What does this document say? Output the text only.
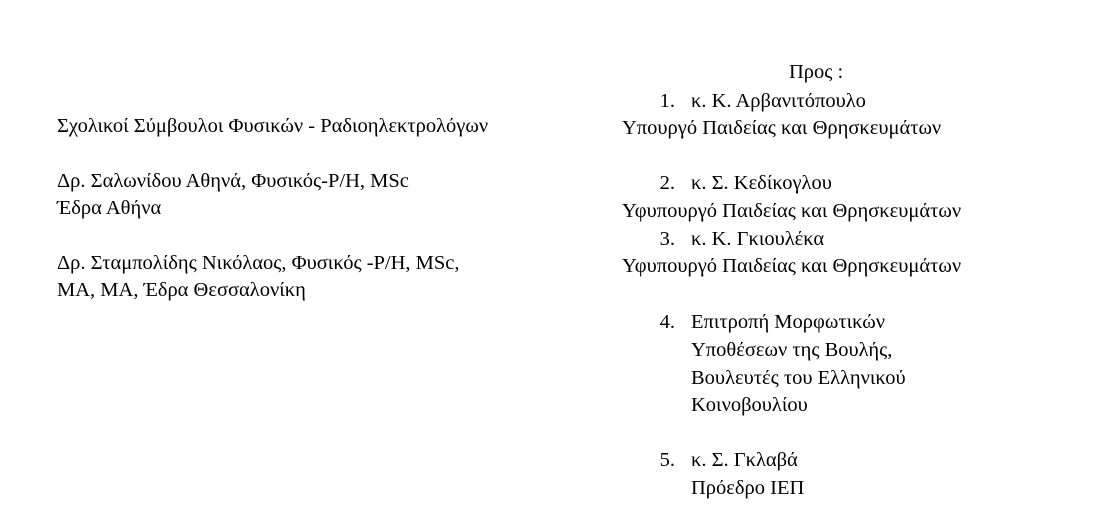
Σχολικοί Σύμβουλοι Φυσικών - Ραδιοηλεκτρολόγων
Δρ. Σαλωνίδου Αθηνά, Φυσικός-Ρ/Η, MSc
Έδρα Αθήνα
Δρ. Σταμπολίδης Νικόλαος, Φυσικός -Ρ/Η, MSc,
ΜΑ, ΜΑ, Έδρα Θεσσαλονίκη
Προς :
1. κ. Κ. Αρβανιτόπουλο
Υπουργό Παιδείας και Θρησκευμάτων
2. κ. Σ. Κεδίκογλου
Υφυπουργό Παιδείας και Θρησκευμάτων
3. κ. Κ. Γκιουλέκα
Υφυπουργό Παιδείας και Θρησκευμάτων
4. Επιτροπή Μορφωτικών
Υποθέσεων της Βουλής,
Βουλευτές του Ελληνικού
Κοινοβουλίου
5. κ. Σ. Γκλαβά
Πρόεδρο ΙΕΠ
